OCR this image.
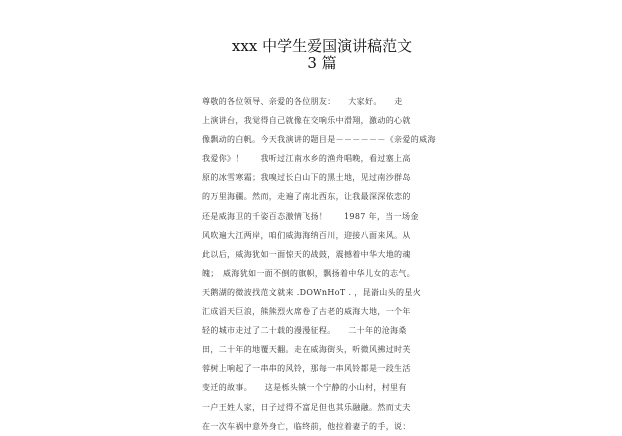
xxx 中学生爱国演讲稿范文
3 篇
尊敬的各位领导、亲爱的各位朋友：　　大家好。　　走
上演讲台，我觉得自己就像在交响乐中滑翔，激动的心就
像飘动的白帆。今天我演讲的题目是－－－－－－《亲爱的威海
我爱你》！　　我听过江南水乡的渔舟唱晚，看过塞上高
原的冰雪寒霜；我嗅过长白山下的黑土地，见过南沙群岛
的万里海疆。然而，走遍了南北西东，让我最深深依恋的
还是威海卫的千姿百态激情飞扬！　　1987 年，当一场金
风吹遍大江两岸，咱们威海海纳百川，迎接八面来风。从
此以后，威海犹如一面惊天的战鼓，震撼着中华大地的魂
魄；　威海犹如一面不倒的旗帜，飘扬着中华儿女的志气。
天鹅湖的微波找范文就来 .DOWnHoT . ，昆嵛山头的星火
汇成滔天巨浪，熊熊烈火席卷了古老的威海大地，一个年
轻的城市走过了二十载的漫漫征程。　　二十年的沧海桑
田，二十年的地覆天翻。走在威海街头，听微风拂过时芙
蓉树上响起了一串串的风铃，那每一串风铃都是一段生活
变迁的故事。　　这是栎头镇一个宁静的小山村，村里有
一户王姓人家，日子过得不富足但也其乐融融。然而丈夫
在一次车祸中意外身亡，临终前，他拉着妻子的手，说：
